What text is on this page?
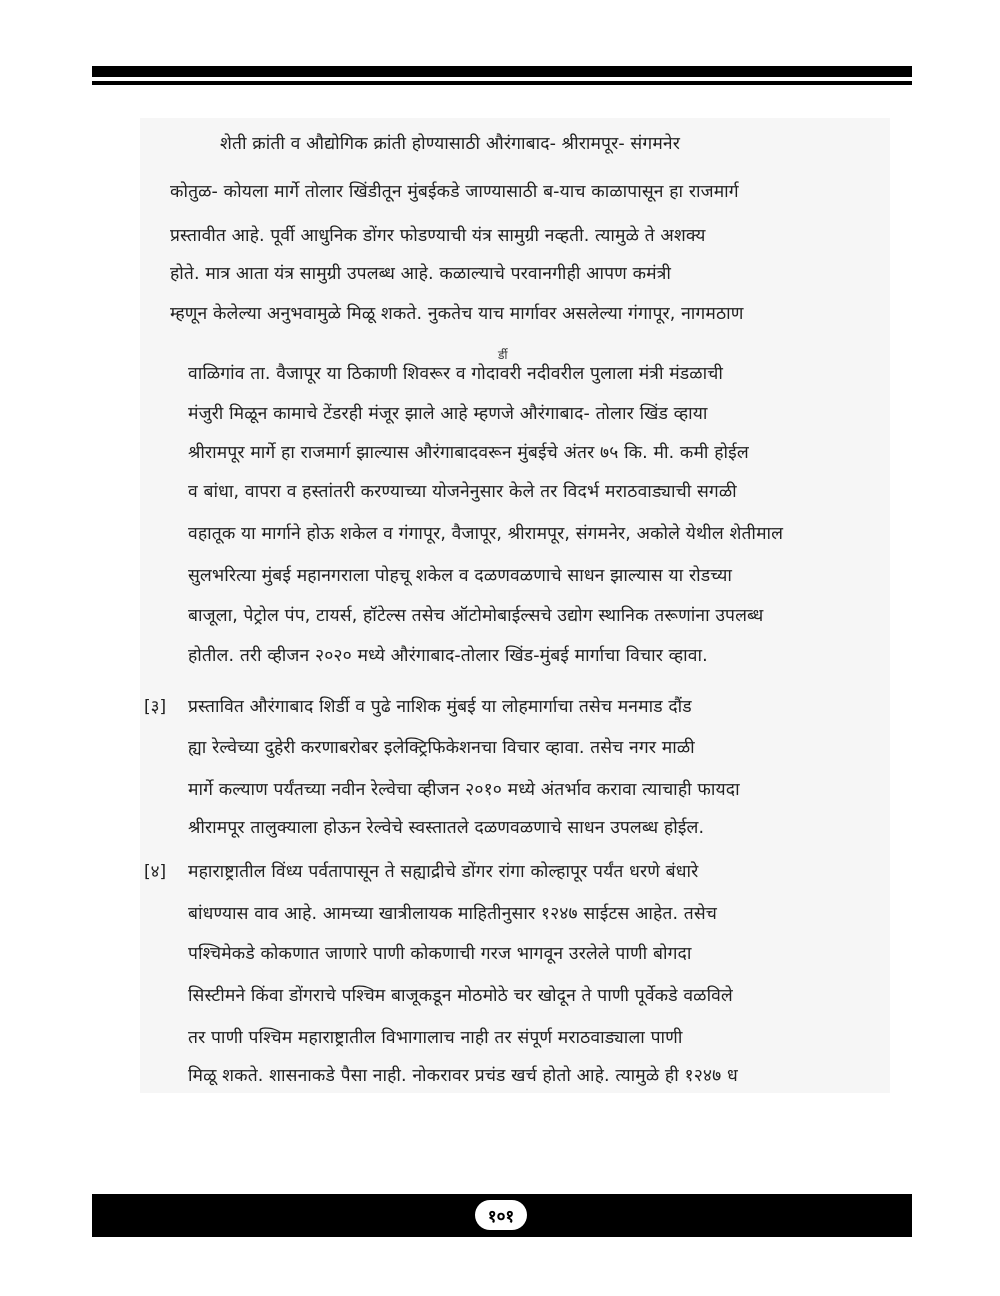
शेती क्रांती व औद्योगिक क्रांती होण्यासाठी औरंगाबाद- श्रीरामपूर- संगमनेर
कोतुळ- कोयला मार्गे तोलार खिंडीतून मुंबईकडे जाण्यासाठी ब-याच काळापासून हा राजमार्ग
प्रस्तावीत आहे. पूर्वी आधुनिक डोंगर फोडण्याची यंत्र सामुग्री नव्हती. त्यामुळे ते अशक्य
होते. मात्र आता यंत्र सामुग्री उपलब्ध आहे. कळाल्याचे परवानगीही आपण कमंत्री
म्हणून केलेल्या अनुभवामुळे मिळू शकते. नुकतेच याच मार्गावर असलेल्या गंगापूर, नागमठाण
र्डी
वाळिगांव ता. वैजापूर या ठिकाणी शिवरूर व गोदावरी नदीवरील पुलाला मंत्री मंडळाची
मंजुरी मिळून कामाचे टेंडरही मंजूर झाले आहे म्हणजे औरंगाबाद- तोलार खिंड व्हाया
श्रीरामपूर मार्गे हा राजमार्ग झाल्यास औरंगाबादवरून मुंबईचे अंतर ७५ कि. मी. कमी होईल
व बांधा, वापरा व हस्तांतरी करण्याच्या योजनेनुसार केले तर विदर्भ मराठवाड्याची सगळी
वहातूक या मार्गाने होऊ शकेल व गंगापूर, वैजापूर, श्रीरामपूर, संगमनेर, अकोले येथील शेतीमाल
सुलभरित्या मुंबई महानगराला पोहचू शकेल व दळणवळणाचे साधन झाल्यास या रोडच्या
बाजूला, पेट्रोल पंप, टायर्स, हॉटेल्स तसेच ऑटोमोबाईल्सचे उद्योग स्थानिक तरूणांना उपलब्ध
होतील. तरी व्हीजन २०२० मध्ये औरंगाबाद-तोलार खिंड-मुंबई मार्गाचा विचार व्हावा.
[३] प्रस्तावित औरंगाबाद शिर्डी व पुढे नाशिक मुंबई या लोहमार्गाचा तसेच मनमाड दौंड
ह्या रेल्वेच्या दुहेरी करणाबरोबर इलेक्ट्रिफिकेशनचा विचार व्हावा. तसेच नगर माळी
मार्गे कल्याण पर्यंतच्या नवीन रेल्वेचा व्हीजन २०१० मध्ये अंतर्भाव करावा त्याचाही फायदा
श्रीरामपूर तालुक्याला होऊन रेल्वेचे स्वस्तातले दळणवळणाचे साधन उपलब्ध होईल.
[४] महाराष्ट्रातील विंध्य पर्वतापासून ते सह्याद्रीचे डोंगर रांगा कोल्हापूर पर्यंत धरणे बंधारे
बांधण्यास वाव आहे. आमच्या खात्रीलायक माहितीनुसार १२४७ साईटस आहेत. तसेच
पश्चिमेकडे कोकणात जाणारे पाणी कोकणाची गरज भागवून उरलेले पाणी बोगदा
सिस्टीमने किंवा डोंगराचे पश्चिम बाजूकडून मोठमोठे चर खोदून ते पाणी पूर्वेकडे वळविले
तर पाणी पश्चिम महाराष्ट्रातील विभागालाच नाही तर संपूर्ण मराठवाड्याला पाणी
मिळू शकते. शासनाकडे पैसा नाही. नोकरावर प्रचंड खर्च होतो आहे. त्यामुळे ही १२४७ ध
१०१
